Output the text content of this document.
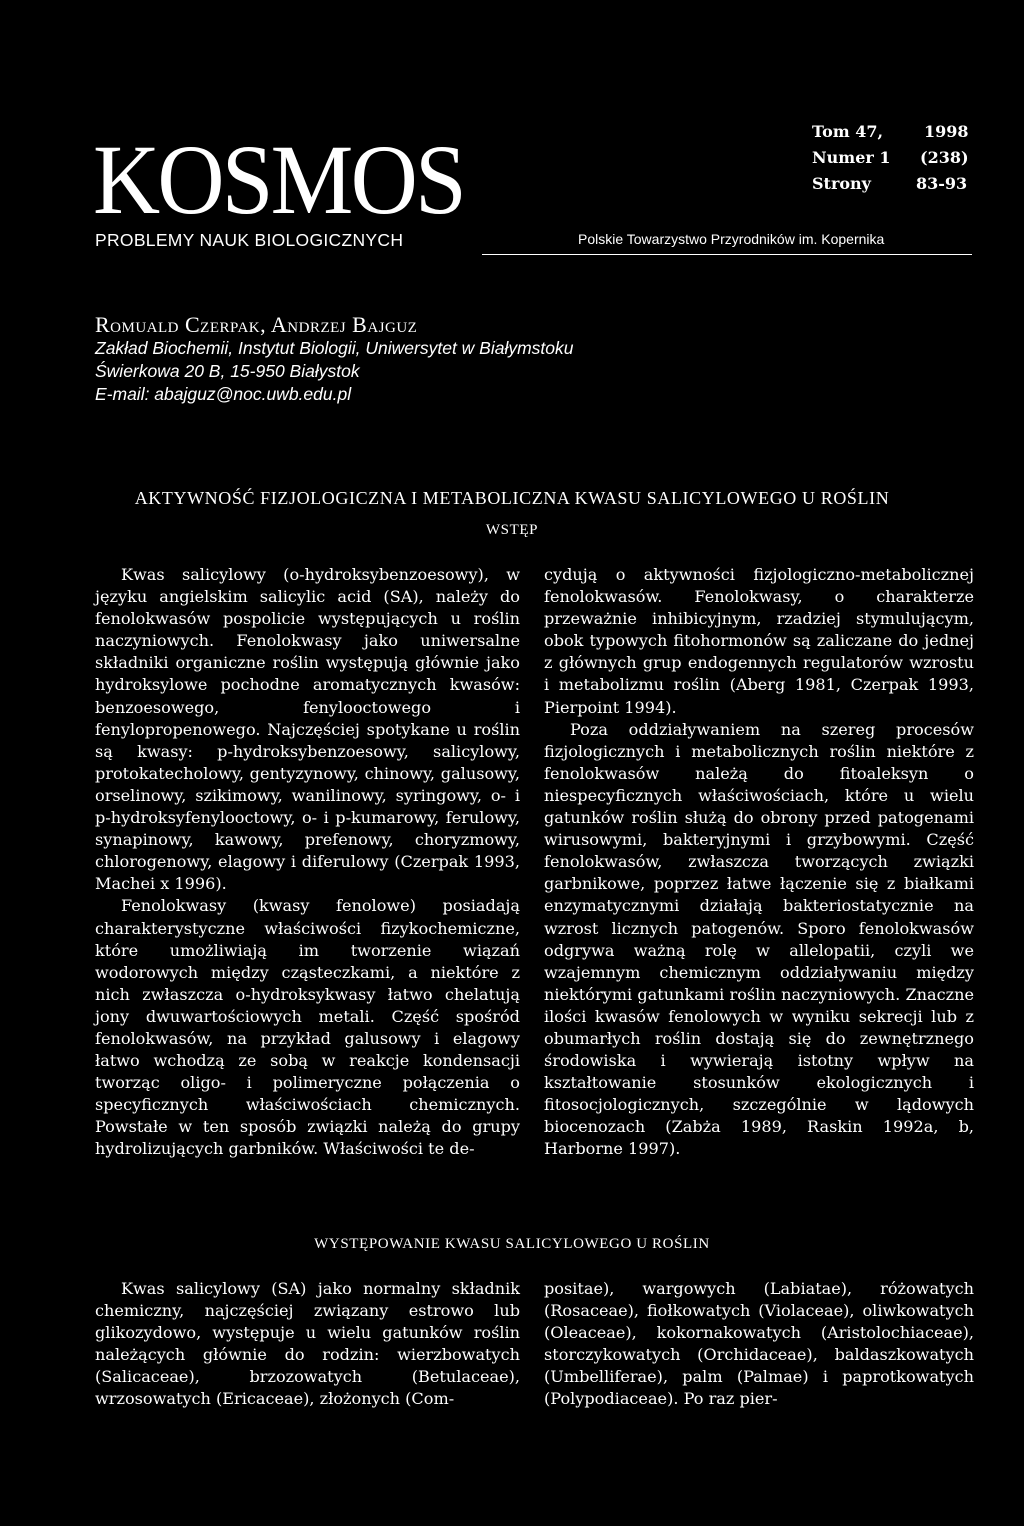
KOSMOS
PROBLEMY NAUK BIOLOGICZNYCH	Polskie Towarzystwo Przyrodników im. Kopernika
Tom 47,	1998
Numer 1 (238)
Strony	83-93
Romuald Czerpak, Andrzej Bajguz
Zakład Biochemii, Instytut Biologii, Uniwersytet w Białymstoku
Świerkowa 20 B, 15-950 Białystok
E-mail: abajguz@noc.uwb.edu.pl
AKTYWNOŚĆ FIZJOLOGICZNA I METABOLICZNA KWASU SALICYLOWEGO U ROŚLIN
WSTĘP

Kwas salicylowy (o-hydroksybenzoesowy), w języku angielskim salicylic acid (SA), należy do fenolokwasów pospolicie występujących u roślin naczyniowych. Fenolokwasy jako uniwersalne składniki organiczne roślin występują głównie jako hydroksylowe pochodne aromatycznych kwasów: benzoesowego, fenylooctowego i fenylopropenowego. Najczęściej spotykane u roślin są kwasy: p-hydroksybenzoesowy, salicylowy, protokatecholowy, gentyzynowy, chinowy, galusowy, orselinowy, szikimowy, wanilinowy, syringowy, o- i p-hydroksyfenylooctowy, o- i p-kumarowy, ferulowy, synapinowy, kawowy, prefenowy, choryzmowy, chlorogenowy, elagowy i diferulowy (Czerpak 1993, Machei x 1996).

Fenolokwasy (kwasy fenolowe) posiadają charakterystyczne właściwości fizykochemiczne, które umożliwiają im tworzenie wiązań wodorowych między cząsteczkami, a niektóre z nich zwłaszcza o-hydroksykwasy łatwo chelatują jony dwuwartościowych metali. Część spośród fenolokwasów, na przykład galusowy i elagowy łatwo wchodzą ze sobą w reakcje kondensacji tworząc oligo- i polimeryczne połączenia o specyficznych właściwościach chemicznych. Powstałe w ten sposób związki należą do grupy hydrolizujących garbników. Właściwości te de-

cydują o aktywności fizjologiczno-metabolicznej fenolokwasów. Fenolokwasy, o charakterze przeważnie inhibicyjnym, rzadziej stymulującym, obok typowych fitohormonów są zaliczane do jednej z głównych grup endogennych regulatorów wzrostu i metabolizmu roślin (Aberg 1981, Czerpak 1993, Pierpoint 1994).

Poza oddziaływaniem na szereg procesów fizjologicznych i metabolicznych roślin niektóre z fenolokwasów należą do fitoaleksyn o niespecyficznych właściwościach, które u wielu gatunków roślin służą do obrony przed patogenami wirusowymi, bakteryjnymi i grzybowymi. Część fenolokwasów, zwłaszcza tworzących związki garbnikowe, poprzez łatwe łączenie się z białkami enzymatycznymi działają bakteriostatycznie na wzrost licznych patogenów. Sporo fenolokwasów odgrywa ważną rolę w allelopatii, czyli we wzajemnym chemicznym oddziaływaniu między niektórymi gatunkami roślin naczyniowych. Znaczne ilości kwasów fenolowych w wyniku sekrecji lub z obumarłych roślin dostają się do zewnętrznego środowiska i wywierają istotny wpływ na kształtowanie stosunków ekologicznych i fitosocjologicznych, szczególnie w lądowych biocenozach (Zabża 1989, Raskin 1992a, b, Harborne 1997).

WYSTĘPOWANIE KWASU SALICYLOWEGO U ROŚLIN

Kwas salicylowy (SA) jako normalny składnik chemiczny, najczęściej związany estrowo lub glikozydowo, występuje u wielu gatunków roślin należących głównie do rodzin: wierzbowatych (Salicaceae), brzozowatych (Betulaceae), wrzosowatych (Ericaceae), złożonych (Com-

positae), wargowych (Labiatae), różowatych (Rosaceae), fiołkowatych (Violaceae), oliwkowatych (Oleaceae), kokornakowatych (Aristolochiaceae), storczykowatych (Orchidaceae), baldaszkowatych (Umbelliferae), palm (Palmae) i paprotkowatych (Polypodiaceae). Po raz pier-
